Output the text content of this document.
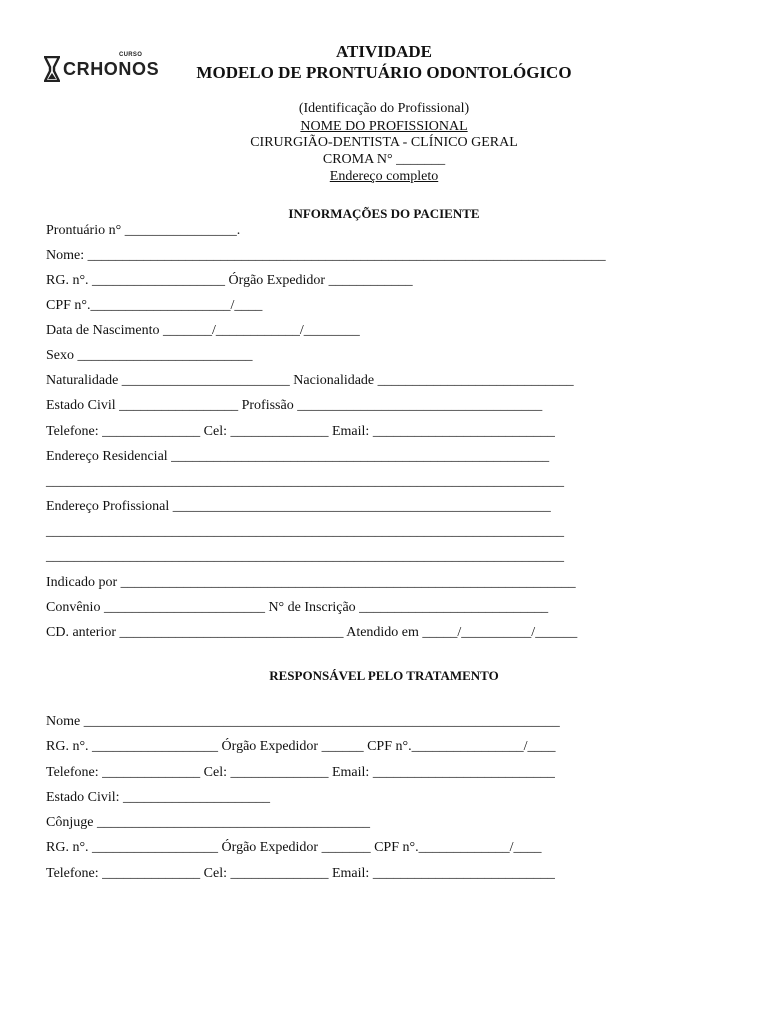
CURSO
CRHONOS
ATIVIDADE
MODELO DE PRONTUÁRIO ODONTOLÓGICO
(Identificação do Profissional)
NOME DO PROFISSIONAL
CIRURGIÃO-DENTISTA - CLÍNICO GERAL
CROMA N° _______
Endereço completo
INFORMAÇÕES DO PACIENTE
Prontuário n° ________________.
Nome: __________________________________________________________________________
RG. n°. ___________________ Órgão Expedidor ____________
CPF n°.____________________/____
Data de Nascimento _______/____________/________
Sexo _________________________
Naturalidade ________________________ Nacionalidade ____________________________
Estado Civil _________________ Profissão ___________________________________
Telefone: ______________ Cel: ______________ Email: __________________________
Endereço Residencial ______________________________________________________
__________________________________________________________________________
Endereço Profissional ______________________________________________________
__________________________________________________________________________
__________________________________________________________________________
Indicado por _________________________________________________________________
Convênio _______________________ N° de Inscrição ___________________________
CD. anterior ________________________________ Atendido em _____/__________/______
RESPONSÁVEL PELO TRATAMENTO
Nome ____________________________________________________________________
RG. n°. __________________ Órgão Expedidor ______ CPF n°.________________/____
Telefone: ______________ Cel: ______________ Email: __________________________
Estado Civil: _____________________
Cônjuge _______________________________________
RG. n°. __________________ Órgão Expedidor _______ CPF n°._____________/____
Telefone: ______________ Cel: ______________ Email: __________________________
